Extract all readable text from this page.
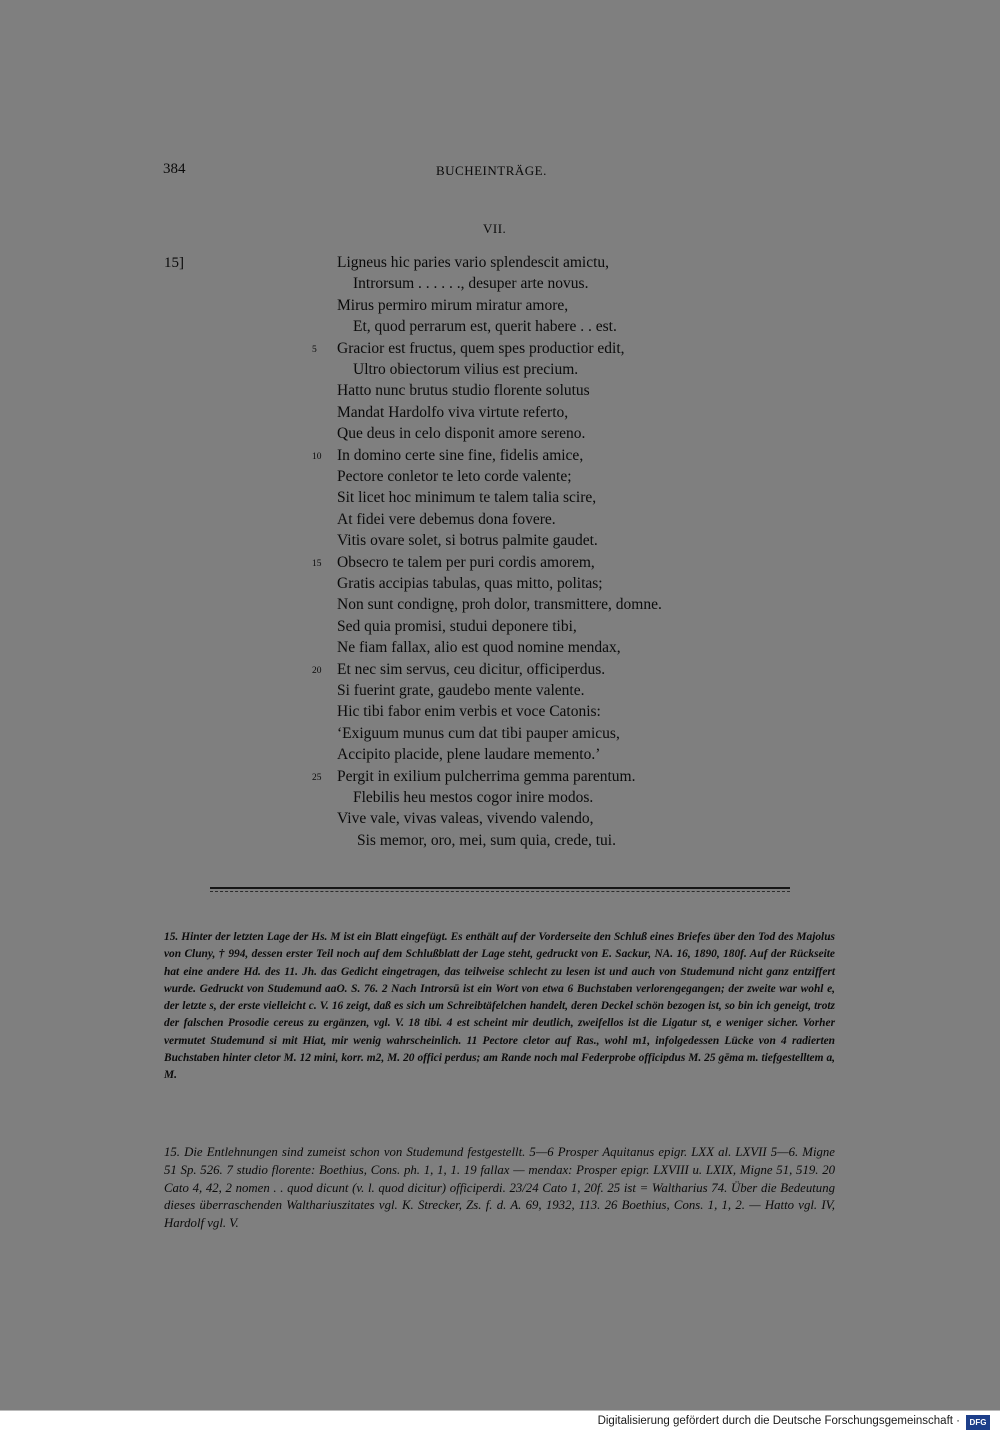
384	BUCHEINTRÄGE.
VII.
15]	Ligneus hic paries vario splendescit amictu,
Introrsum . . . . . ., desuper arte novus.
Mirus permiro mirum miratur amore,
Et, quod perrarum est, querit habere . . est.
5 Gracior est fructus, quem spes productior edit,
Ultro obiectorum vilius est precium.
Hatto nunc brutus studio florente solutus
Mandat Hardolfo viva virtute referto,
Que deus in celo disponit amore sereno.
10 In domino certe sine fine, fidelis amice,
Pectore conletor te leto corde valente;
Sit licet hoc minimum te talem talia scire,
At fidei vere debemus dona fovere.
Vitis ovare solet, si botrus palmite gaudet.
15 Obsecro te talem per puri cordis amorem,
Gratis accipias tabulas, quas mitto, politas;
Non sunt condignę, proh dolor, transmittere, domne.
Sed quia promisi, studui deponere tibi,
Ne fiam fallax, alio est quod nomine mendax,
20 Et nec sim servus, ceu dicitur, officiperdus.
Si fuerint grate, gaudebo mente valente.
Hic tibi fabor enim verbis et voce Catonis:
‘Exiguum munus cum dat tibi pauper amicus,
Accipito placide, plene laudare memento.’
25 Pergit in exilium pulcherrima gemma parentum.
Flebilis heu mestos cogor inire modos.
Vive vale, vivas valeas, vivendo valendo,
Sis memor, oro, mei, sum quia, crede, tui.
15. Hinter der letzten Lage der Hs. M ist ein Blatt eingefügt. Es enthält auf der Vorderseite den Schluß eines Briefes über den Tod des Majolus von Cluny, † 994, dessen erster Teil noch auf dem Schlußblatt der Lage steht, gedruckt von E. Sackur, NA. 16, 1890, 180f. Auf der Rückseite hat eine andere Hd. des 11. Jh. das Gedicht eingetragen, das teilweise schlecht zu lesen ist und auch von Studemund nicht ganz entziffert wurde. Gedruckt von Studemund aaO. S. 76. 2 Nach Introrsū ist ein Wort von etwa 6 Buchstaben verlorengegangen; der zweite war wohl e, der letzte s, der erste vielleicht c. V. 16 zeigt, daß es sich um Schreibtäfelchen handelt, deren Deckel schön bezogen ist, so bin ich geneigt, trotz der falschen Prosodie cereus zu ergänzen, vgl. V. 18 tibi. 4 est scheint mir deutlich, zweifellos ist die Ligatur st, e weniger sicher. Vorher vermutet Studemund si mit Hiat, mir wenig wahrscheinlich. 11 Pectore cletor auf Ras., wohl m1, infolgedessen Lücke von 4 radierten Buchstaben hinter cletor M. 12 mini, korr. m2, M. 20 offici perdus; am Rande noch mal Federprobe officipdus M. 25 gēma m. tiefgestelltem a, M.
15. Die Entlehnungen sind zumeist schon von Studemund festgestellt. 5—6 Prosper Aquitanus epigr. LXX al. LXVII 5—6. Migne 51 Sp. 526. 7 studio florente: Boethius, Cons. ph. 1, 1, 1. 19 fallax — mendax: Prosper epigr. LXVIII u. LXIX, Migne 51, 519. 20 Cato 4, 42, 2 nomen . . quod dicunt (v. l. quod dicitur) officiperdi. 23/24 Cato 1, 20f. 25 ist = Waltharius 74. Über die Bedeutung dieses überraschenden Walthariuszitates vgl. K. Strecker, Zs. f. d. A. 69, 1932, 113. 26 Boethius, Cons. 1, 1, 2. — Hatto vgl. IV, Hardolf vgl. V.
Digitalisierung gefördert durch die Deutsche Forschungsgemeinschaft ·	DFG
